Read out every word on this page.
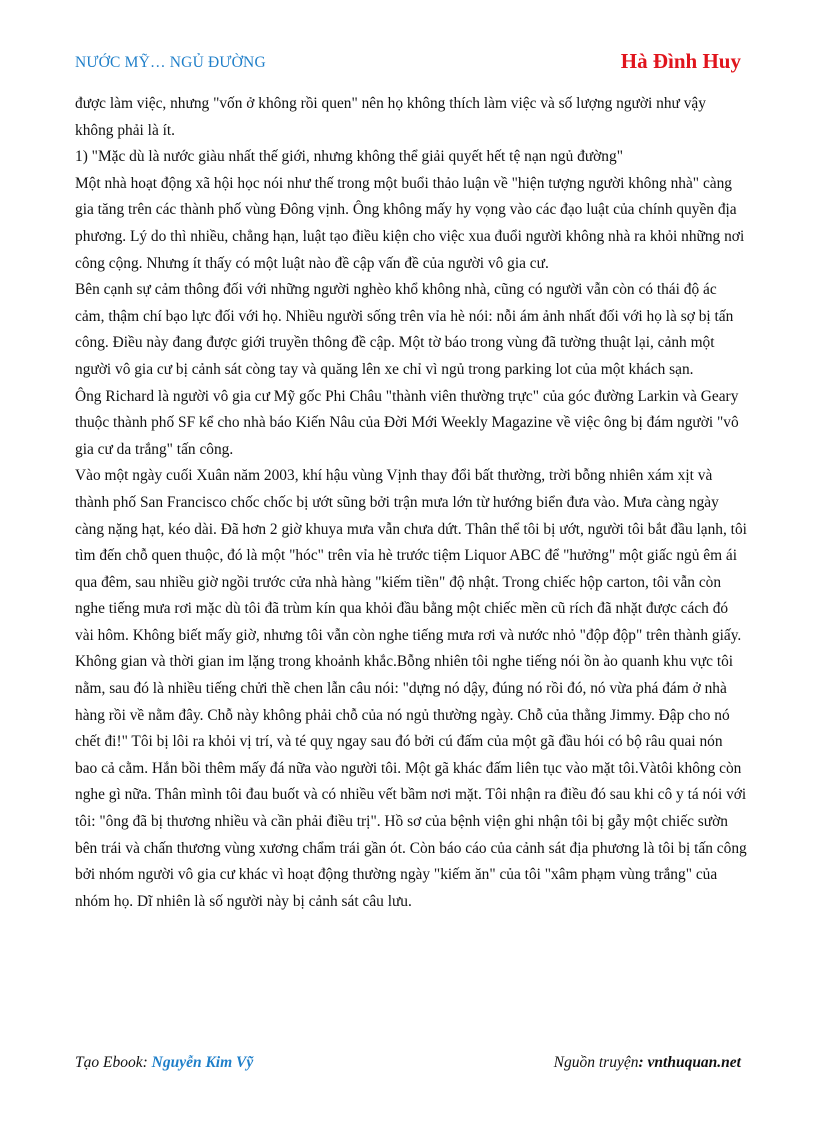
NƯỚC MỸ… NGỦ ĐƯỜNG	Hà Đình Huy

được làm việc, nhưng "vốn ở không rồi quen" nên họ không thích làm việc và số lượng người như vậy không phải là ít.

1) "Mặc dù là nước giàu nhất thế giới, nhưng không thể giải quyết hết tệ nạn ngủ đường"

Một nhà hoạt động xã hội học nói như thế trong một buổi thảo luận về "hiện tượng người không nhà" càng gia tăng trên các thành phố vùng Đông vịnh. Ông không mấy hy vọng vào các đạo luật của chính quyền địa phương. Lý do thì nhiều, chẳng hạn, luật tạo điều kiện cho việc xua đuổi người không nhà ra khỏi những nơi công cộng. Nhưng ít thấy có một luật nào đề cập vấn đề của người vô gia cư.

Bên cạnh sự cảm thông đối với những người nghèo khổ không nhà, cũng có người vẫn còn có thái độ ác cảm, thậm chí bạo lực đối với họ. Nhiều người sống trên vỉa hè nói: nỗi ám ảnh nhất đối với họ là sợ bị tấn công. Điều này đang được giới truyền thông đề cập. Một tờ báo trong vùng đã tường thuật lại, cảnh một người vô gia cư bị cảnh sát còng tay và quăng lên xe chỉ vì ngủ trong parking lot của một khách sạn.

Ông Richard là người vô gia cư Mỹ gốc Phi Châu "thành viên thường trực" của góc đường Larkin và Geary thuộc thành phố SF kể cho nhà báo Kiến Nâu của Đời Mới Weekly Magazine về việc ông bị đám người "vô gia cư da trắng" tấn công.

Vào một ngày cuối Xuân năm 2003, khí hậu vùng Vịnh thay đổi bất thường, trời bỗng nhiên xám xịt và thành phố San Francisco chốc chốc bị ướt sũng bởi trận mưa lớn từ hướng biển đưa vào. Mưa càng ngày càng nặng hạt, kéo dài. Đã hơn 2 giờ khuya mưa vẫn chưa dứt. Thân thể tôi bị ướt, người tôi bắt đầu lạnh, tôi tìm đến chỗ quen thuộc, đó là một "hóc" trên vỉa hè trước tiệm Liquor ABC để "hưởng" một giấc ngủ êm ái qua đêm, sau nhiều giờ ngồi trước cửa nhà hàng "kiếm tiền" độ nhật. Trong chiếc hộp carton, tôi vẫn còn nghe tiếng mưa rơi mặc dù tôi đã trùm kín qua khỏi đầu bằng một chiếc mền cũ rích đã nhặt được cách đó vài hôm. Không biết mấy giờ, nhưng tôi vẫn còn nghe tiếng mưa rơi và nước nhỏ "độp độp" trên thành giấy. Không gian và thời gian im lặng trong khoảnh khắc.Bỗng nhiên tôi nghe tiếng nói ồn ào quanh khu vực tôi nằm, sau đó là nhiều tiếng chửi thề chen lẫn câu nói: "dựng nó dậy, đúng nó rồi đó, nó vừa phá đám ở nhà hàng rồi về nằm đây. Chỗ này không phải chỗ của nó ngủ thường ngày. Chỗ của thằng Jimmy. Đập cho nó chết đi!" Tôi bị lôi ra khỏi vị trí, và té quỵ ngay sau đó bởi cú đấm của một gã đầu hói có bộ râu quai nón bao cả cằm. Hắn bồi thêm mấy đá nữa vào người tôi. Một gã khác đấm liên tục vào mặt tôi.Vàtôi không còn nghe gì nữa. Thân mình tôi đau buốt và có nhiều vết bầm nơi mặt. Tôi nhận ra điều đó sau khi cô y tá nói với tôi: "ông đã bị thương nhiều và cần phải điều trị". Hồ sơ của bệnh viện ghi nhận tôi bị gẫy một chiếc sườn bên trái và chấn thương vùng xương chẩm trái gần ót. Còn báo cáo của cảnh sát địa phương là tôi bị tấn công bởi nhóm người vô gia cư khác vì hoạt động thường ngày "kiếm ăn" của tôi "xâm phạm vùng trắng" của nhóm họ. Dĩ nhiên là số người này bị cảnh sát câu lưu.

Tạo Ebook: Nguyễn Kim Vỹ	Nguồn truyện: vnthuquan.net
